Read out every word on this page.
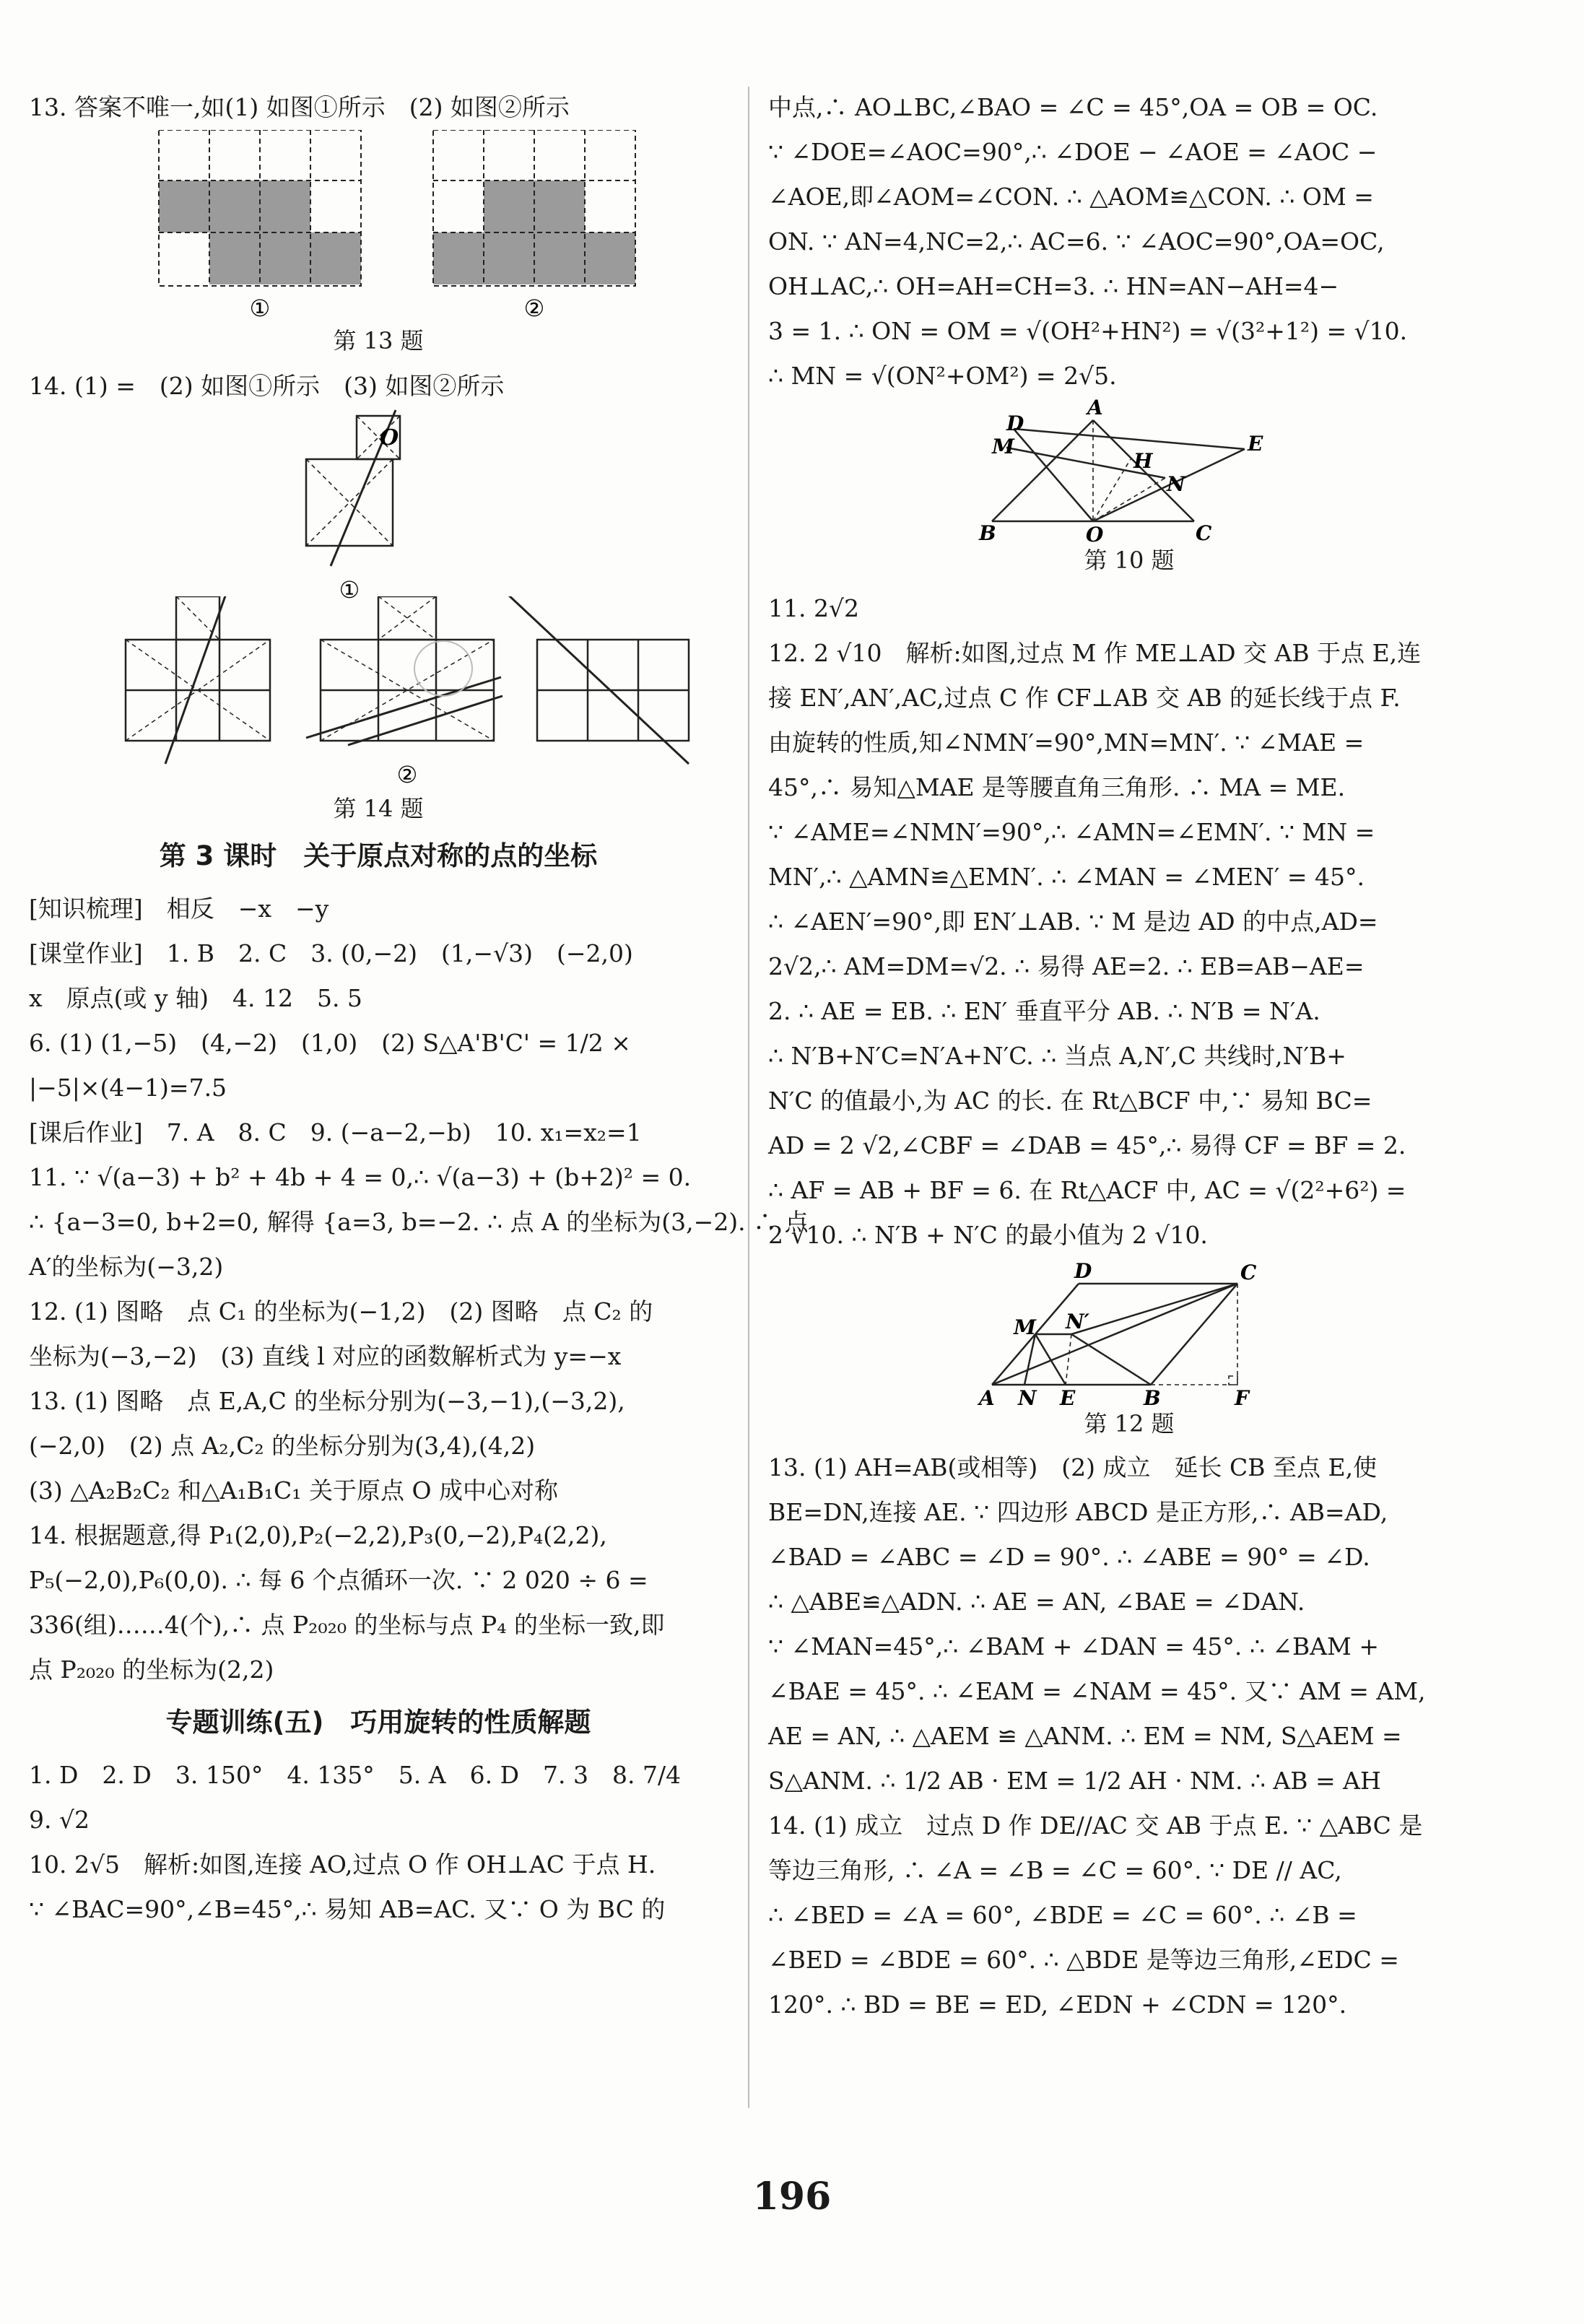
13. 答案不唯一,如(1) 如图①所示　(2) 如图②所示

①	②
第 13 题

14. (1) =　(2) 如图①所示　(3) 如图②所示

O
①
②
第 14 题
第 3 课时　关于原点对称的点的坐标

[知识梳理]　相反　−x　−y

[课堂作业]　1. B　2. C　3. (0,−2)　(1,−√3)　(−2,0)

x　原点(或 y 轴)　4. 12　5. 5

6. (1) (1,−5)　(4,−2)　(1,0)　(2) S△A'B'C' = 1/2 ×

|−5|×(4−1)=7.5

[课后作业]　7. A　8. C　9. (−a−2,−b)　10. x₁=x₂=1

11. ∵ √(a−3) + b² + 4b + 4 = 0,∴ √(a−3) + (b+2)² = 0.

∴ {a−3=0, b+2=0, 解得 {a=3, b=−2. ∴ 点 A 的坐标为(3,−2). ∴ 点

A′的坐标为(−3,2)

12. (1) 图略　点 C₁ 的坐标为(−1,2)　(2) 图略　点 C₂ 的

坐标为(−3,−2)　(3) 直线 l 对应的函数解析式为 y=−x

13. (1) 图略　点 E,A,C 的坐标分别为(−3,−1),(−3,2),

(−2,0)　(2) 点 A₂,C₂ 的坐标分别为(3,4),(4,2)

(3) △A₂B₂C₂ 和△A₁B₁C₁ 关于原点 O 成中心对称

14. 根据题意,得 P₁(2,0),P₂(−2,2),P₃(0,−2),P₄(2,2),

P₅(−2,0),P₆(0,0). ∴ 每 6 个点循环一次. ∵ 2 020 ÷ 6 =

336(组)……4(个),∴ 点 P₂₀₂₀ 的坐标与点 P₄ 的坐标一致,即

点 P₂₀₂₀ 的坐标为(2,2)

专题训练(五)　巧用旋转的性质解题

1. D　2. D　3. 150°　4. 135°　5. A　6. D　7. 3　8. 7/4

9. √2

10. 2√5　解析:如图,连接 AO,过点 O 作 OH⊥AC 于点 H.

∵ ∠BAC=90°,∠B=45°,∴ 易知 AB=AC. 又∵ O 为 BC 的

中点,∴ AO⊥BC,∠BAO = ∠C = 45°,OA = OB = OC.

∵ ∠DOE=∠AOC=90°,∴ ∠DOE − ∠AOE = ∠AOC −

∠AOE,即∠AOM=∠CON. ∴ △AOM≌△CON. ∴ OM =

ON. ∵ AN=4,NC=2,∴ AC=6. ∵ ∠AOC=90°,OA=OC,

OH⊥AC,∴ OH=AH=CH=3. ∴ HN=AN−AH=4−

3 = 1. ∴ ON = OM = √(OH²+HN²) = √(3²+1²) = √10.

∴ MN = √(ON²+OM²) = 2√5.

D
A
M
H
E
N
B	O	C
第 10 题

11. 2√2

12. 2 √10　解析:如图,过点 M 作 ME⊥AD 交 AB 于点 E,连

接 EN′,AN′,AC,过点 C 作 CF⊥AB 交 AB 的延长线于点 F.

由旋转的性质,知∠NMN′=90°,MN=MN′. ∵ ∠MAE =

45°,∴ 易知△MAE 是等腰直角三角形. ∴ MA = ME.

∵ ∠AME=∠NMN′=90°,∴ ∠AMN=∠EMN′. ∵ MN =

MN′,∴ △AMN≌△EMN′. ∴ ∠MAN = ∠MEN′ = 45°.

∴ ∠AEN′=90°,即 EN′⊥AB. ∵ M 是边 AD 的中点,AD=

2√2,∴ AM=DM=√2. ∴ 易得 AE=2. ∴ EB=AB−AE=

2. ∴ AE = EB. ∴ EN′ 垂直平分 AB. ∴ N′B = N′A.

∴ N′B+N′C=N′A+N′C. ∴ 当点 A,N′,C 共线时,N′B+

N′C 的值最小,为 AC 的长. 在 Rt△BCF 中,∵ 易知 BC=

AD = 2 √2,∠CBF = ∠DAB = 45°,∴ 易得 CF = BF = 2.

∴ AF = AB + BF = 6. 在 Rt△ACF 中, AC = √(2²+6²) =

2 √10. ∴ N′B + N′C 的最小值为 2 √10.

D	C
M N′
A N E	B	F
第 12 题

13. (1) AH=AB(或相等)　(2) 成立　延长 CB 至点 E,使

BE=DN,连接 AE. ∵ 四边形 ABCD 是正方形,∴ AB=AD,

∠BAD = ∠ABC = ∠D = 90°. ∴ ∠ABE = 90° = ∠D.

∴ △ABE≌△ADN. ∴ AE = AN, ∠BAE = ∠DAN.

∵ ∠MAN=45°,∴ ∠BAM + ∠DAN = 45°. ∴ ∠BAM +

∠BAE = 45°. ∴ ∠EAM = ∠NAM = 45°. 又∵ AM = AM,

AE = AN, ∴ △AEM ≌ △ANM. ∴ EM = NM, S△AEM =

S△ANM. ∴ 1/2 AB · EM = 1/2 AH · NM. ∴ AB = AH

14. (1) 成立　过点 D 作 DE//AC 交 AB 于点 E. ∵ △ABC 是

等边三角形, ∴ ∠A = ∠B = ∠C = 60°. ∵ DE // AC,

∴ ∠BED = ∠A = 60°, ∠BDE = ∠C = 60°. ∴ ∠B =

∠BED = ∠BDE = 60°. ∴ △BDE 是等边三角形,∠EDC =

120°. ∴ BD = BE = ED, ∠EDN + ∠CDN = 120°.

196
